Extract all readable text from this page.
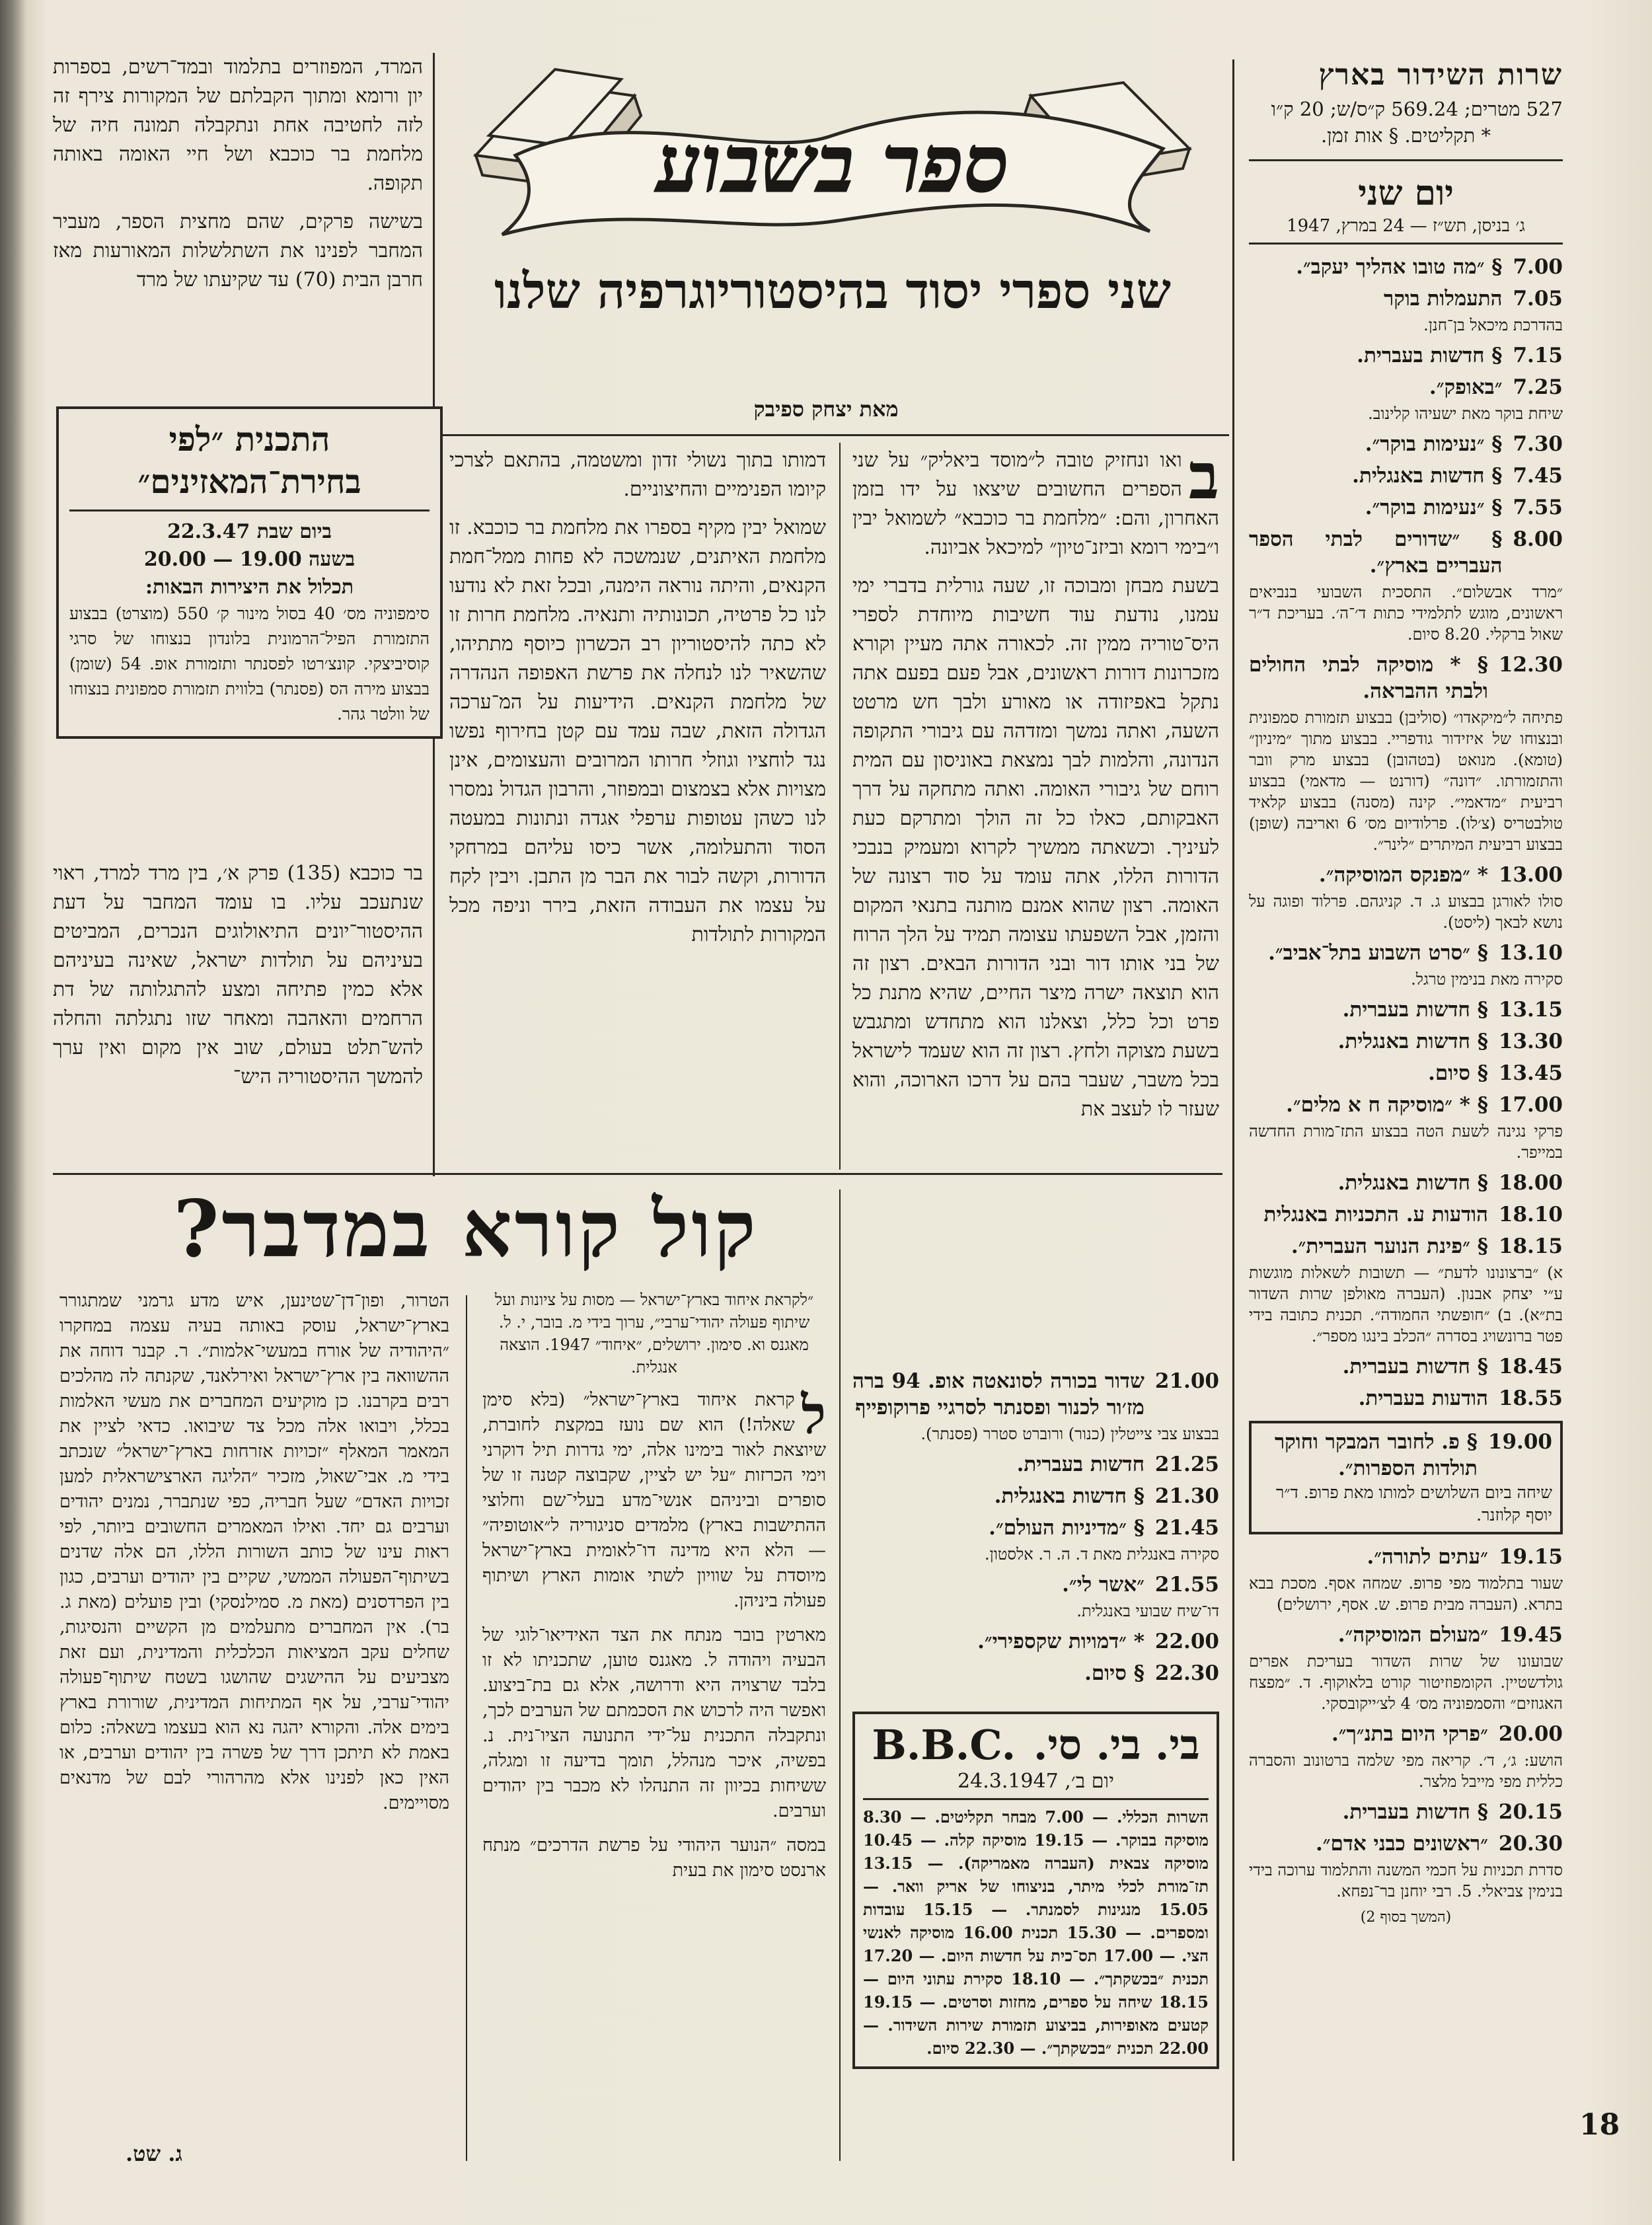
שרות השידור בארץ
527 מטרים; 569.24 ק״ס/ש; 20 ק״ו
* תקליטים. § אות זמן.
יום שני
ג׳ בניסן, תש״ז — 24 במרץ, 1947
7.00
§ ״מה טובו אהליך יעקב״.
7.05
התעמלות בוקר
בהדרכת מיכאל בן־חנן.
7.15
§ חדשות בעברית.
7.25
״באופק״.
שיחת בוקר מאת ישעיהו קלינוב.
7.30
§ ״נעימות בוקר״.
7.45
§ חדשות באנגלית.
7.55
§ ״נעימות בוקר״.
8.00
§ ״שדורים לבתי הספר העבריים בארץ״.
״מרד אבשלום״. התסכית השבועי בנביאים ראשונים, מוגש לתלמידי כתות ד׳־ה׳. בעריכת ד״ר שאול ברקלי. 8.20 סיום.
12.30
§ * מוסיקה לבתי החולים ולבתי ההבראה.
פתיחה ל״מיקאדו״ (סוליבן) בבצוע תזמורת סמפונית ובנצוחו של איזידור גודפריי. בבצוע מתוך ״מיניון״ (טומא). מנואט (בטהובן) בבצוע מרק וובר והתזמורתו. ״דונה״ (דורנט — מדאמי) בבצוע רביעית ״מדאמי״. קינה (מסנה) בבצוע קלאיד טולבטריס (צ׳לו). פרלודיום מס׳ 6 ואריבה (שופן) בבצוע רביעית המיתרים ״לינר״.
13.00
* ״מפנקס המוסיקה״.
סולו לאורגן בבצוע ג. ד. קניגהם. פרלוד ופוגה על נושא לבאך (ליסט).
13.10
§ ״סרט השבוע בתל־אביב״.
סקירה מאת בנימין טרגל.
13.15
§ חדשות בעברית.
13.30
§ חדשות באנגלית.
13.45
§ סיום.
17.00
§ * ״מוסיקה ח א מלים״.
פרקי נגינה לשעת הטה בבצוע התז־מורת החדשה במייפר.
18.00
§ חדשות באנגלית.
18.10
הודעות ע. התכניות באנגלית
18.15
§ ״פינת הנוער העברית״.
א) ״ברצונונו לדעת״ — תשובות לשאלות מוגשות ע״י יצחק אבנון. (העברה מאולפן שרות השדור בת״א). ב) ״חופשתי החמודה״. תכנית כתובה בידי פטר ברונשויג בסדרה ״הכלב בינגו מספר״.
18.45
§ חדשות בעברית.
18.55
הודעות בעברית.
19.00
§ פ. לחובר המבקר וחוקר תולדות הספרות״.
שיחה ביום השלושים למותו מאת פרופ. ד״ר יוסף קלוזנר.
19.15
״עתים לתורה״.
שעור בתלמוד מפי פרופ. שמחה אסף. מסכת בבא בתרא. (העברה מבית פרופ. ש. אסף, ירושלים)
19.45
״מעולם המוסיקה״.
שבועונו של שרות השדור בעריכת אפרים גולדשטיין. הקומפוזיטור קורט בלאוקוף. ד. ״מפצח האגוזים״ והסמפוניה מס׳ 4 לצ׳ייקובסקי.
20.00
״פרקי היום בתנ״ך״.
הושע: ג׳, ד׳. קריאה מפי שלמה ברטונוב והסברה כללית מפי מייבל מלצר.
20.15
§ חדשות בעברית.
20.30
״ראשונים כבני אדם״.
סדרת תכניות על חכמי המשנה והתלמוד ערוכה בידי בנימין צביאלי. 5. רבי יוחנן בר־נפחא.
(המשך בסוף 2)
ספר בשבוע
שני ספרי יסוד בהיסטוריוגרפיה שלנו
מאת יצחק ספיבק
ב

ואו ונחזיק טובה ל״מוסד ביאליק״ על שני הספרים החשובים שיצאו על ידו בזמן האחרון, והם: ״מלחמת בר כוכבא״ לשמואל יבין ו״בימי רומא וביזנ־טיון״ למיכאל אביונה.

בשעת מבחן ומבוכה זו, שעה גורלית בדברי ימי עמנו, נודעת עוד חשיבות מיוחדת לספרי היס־טוריה ממין זה. לכאורה אתה מעיין וקורא מזכרונות דורות ראשונים, אבל פעם בפעם אתה נתקל באפיזודה או מאורע ולבך חש מרטט השעה, ואתה נמשך ומזדהה עם גיבורי התקופה הנדונה, והלמות לבך נמצאת באוניסון עם המית רוחם של גיבורי האומה. ואתה מתחקה על דרך האבקותם, כאלו כל זה הולך ומתרקם כעת לעיניך. וכשאתה ממשיך לקרוא ומעמיק בנבכי הדורות הללו, אתה עומד על סוד רצונה של האומה. רצון שהוא אמנם מותנה בתנאי המקום והזמן, אבל השפעתו עצומה תמיד על הלך הרוח של בני אותו דור ובני הדורות הבאים. רצון זה הוא תוצאה ישרה מיצר החיים, שהיא מתנת כל פרט וכל כלל, וצאלנו הוא מתחדש ומתגבש בשעת מצוקה ולחץ. רצון זה הוא שעמד לישראל בכל משבר, שעבר בהם על דרכו הארוכה, והוא שעזר לו לעצב את

דמותו בתוך נשולי זדון ומשטמה, בהתאם לצרכי קיומו הפנימיים והחיצוניים.

שמואל יבין מקיף בספרו את מלחמת בר כוכבא. זו מלחמת האיתנים, שנמשכה לא פחות ממל־חמת הקנאים, והיתה נוראה הימנה, ובכל זאת לא נודעו לנו כל פרטיה, תכונותיה ותנאיה. מלחמת חרות זו לא כתה להיסטוריון רב הכשרון כיוסף מתתיהו, שהשאיר לנו לנחלה את פרשת האפופה הנהדרה של מלחמת הקנאים. הידיעות על המ־ערכה הגדולה הזאת, שבה עמד עם קטן בחירוף נפשו נגד לוחציו וגוזלי חרותו המרובים והעצומים, אינן מצויות אלא בצמצום ובמפוזר, והרבון הגדול נמסרו לנו כשהן עטופות ערפלי אגדה ונתונות במעטה הסוד והתעלומה, אשר כיסו עליהם במרחקי הדורות, וקשה לבור את הבר מן התבן. ויבין לקח על עצמו את העבודה הזאת, בירר וניפה מכל המקורות לתולדות

המרד, המפוזרים בתלמוד ובמד־רשים, בספרות יון ורומא ומתוך הקבלתם של המקורות צירף זה לזה לחטיבה אחת ונתקבלה תמונה חיה של מלחמת בר כוכבא ושל חיי האומה באותה תקופה.

בשישה פרקים, שהם מחצית הספר, מעביר המחבר לפנינו את השתלשלות המאורעות מאז חרבן הבית (70) עד שקיעתו של מרד

התכנית ״לפי בחירת־המאזינים״
ביום שבת 22.3.47
בשעה 19.00 — 20.00
תכלול את היצירות הבאות:
סימפוניה מס׳ 40 בסול מינור ק׳ 550 (מוצרט) בבצוע התזמורת הפיל־הרמונית בלונדון בנצוחו של סרגי קוסיביצקי. קונצ׳רטו לפסנתר ותזמורת אופ. 54 (שומן) בבצוע מירה הס (פסנתר) בלווית תזמורת סמפונית בנצוחו של וולטר גהר.

בר כוכבא (135) פרק א׳, בין מרד למרד, ראוי שנתעכב עליו. בו עומד המחבר על דעת ההיסטור־יונים התיאולוגים הנכרים, המביטים בעיניהם על תולדות ישראל, שאינה בעיניהם אלא כמין פתיחה ומצע להתגלותה של דת הרחמים והאהבה ומאחר שזו נתגלתה והחלה להש־תלט בעולם, שוב אין מקום ואין ערך להמשך ההיסטוריה היש־

קול קורא במדבר?

״לקראת איחוד בארץ־ישראל — מסות על ציונות ועל שיתוף פעולה יהודי־ערבי״, ערוך בידי מ. בובר, י. ל. מאגנס וא. סימון. ירושלים, ״איחוד״ 1947. הוצאה אנגלית.

ל

קראת איחוד בארץ־ישראל״ (בלא סימן שאלה!) הוא שם נועז במקצת לחוברת, שיוצאת לאור בימינו אלה, ימי גדרות תיל דוקרני וימי הכרזות ״על יש לציין, שקבוצה קטנה זו של סופרים וביניהם אנשי־מדע בעלי־שם וחלוצי ההתישבות בארץ) מלמדים סניגוריה ל״אוטופיה״ — הלא היא מדינה דו־לאומית בארץ־ישראל מיוסדת על שוויון לשתי אומות הארץ ושיתוף פעולה ביניהן.

מארטין בובר מנתח את הצד האידיאו־לוגי של הבעיה ויהודה ל. מאגנס טוען, שתכניתו לא זו בלבד שרצויה היא ודרושה, אלא גם בת־ביצוע. ואפשר היה לרכוש את הסכמתם של הערבים לכך, ונתקבלה התכנית על־ידי התנועה הציו־נית. נ. בפשיה, איכר מנהלל, תומך בדיעה זו ומגלה, ששיחות בכיוון זה התנהלו לא מכבר בין יהודים וערבים.

במסה ״הנוער היהודי על פרשת הדרכים״ מנתח ארנסט סימון את בעית

הטרור, ופון־דן־שטינען, איש מדע גרמני שמתגורר בארץ־ישראל, עוסק באותה בעיה עצמה במחקרו ״היהודיה של אורח במעשי־אלמות״. ר. קבנר דוחה את ההשוואה בין ארץ־ישראל ואירלאנד, שקנתה לה מהלכים רבים בקרבנו. כן מוקיעים המחברים את מעשי האלמות בכלל, ויבואו אלה מכל צד שיבואו. כדאי לציין את המאמר המאלף ״זכויות אזרחות בארץ־ישראל״ שנכתב בידי מ. אבי־שאול, מזכיר ״הליגה הארצישראלית למען זכויות האדם״ שעל חבריה, כפי שנתברר, נמנים יהודים וערבים גם יחד. ואילו המאמרים החשובים ביותר, לפי ראות עינו של כותב השורות הללו, הם אלה שדנים בשיתוף־הפעולה הממשי, שקיים בין יהודים וערבים, כגון בין הפרדסנים (מאת מ. סמילנסקי) ובין פועלים (מאת ג. בר). אין המחברים מתעלמים מן הקשיים והנסיגות, שחלים עקב המציאות הכלכלית והמדינית, ועם זאת מצביעים על ההישגים שהושגו בשטח שיתוף־פעולה יהודי־ערבי, על אף המתיחות המדינית, שורורת בארץ בימים אלה. והקורא יהגה נא הוא בעצמו בשאלה: כלום באמת לא תיתכן דרך של פשרה בין יהודים וערבים, או האין כאן לפנינו אלא מהרהורי לבם של מדנאים מסויימים.

ג. שט.
21.00
שדור בכורה לסונאטה אופ. 94 ברה מז׳ור לכנור ופסנתר לסרגיי פרוקופייף
בבצוע צבי צייטלין (כנור) ורוברט סטרר (פסנתר).
21.25
חדשות בעברית.
21.30
§ חדשות באנגלית.
21.45
§ ״מדיניות העולם״.
סקירה באנגלית מאת ד. ה. ר. אלסטון.
21.55
״אשר לי״.
דו־שיח שבועי באנגלית.
22.00
* ״דמויות שקספירי״.
22.30
§ סיום.
B.B.C. בי. בי. סי.
יום ב׳, 24.3.1947
השרות הכללי. — 7.00 מבחר תקליטים. — 8.30 מוסיקה בבוקר. — 19.15 מוסיקה קלה. — 10.45 מוסיקה צבאית (העברה מאמריקה). — 13.15 תז־מורת לכלי מיתר, בניצוחו של אריק וואר. — 15.05 מנגינות לסמנתר. — 15.15 עובדות ומספרים. — 15.30 תכנית 16.00 מוסיקה לאנשי הצי. — 17.00 תס־כית על חדשות היום. — 17.20 תכנית ״בכשקתך״. — 18.10 סקירת עתוני היום — 18.15 שיחה על ספרים, מחזות וסרטים. — 19.15 קטעים מאופירות, בביצוע תזמורת שירות השידור. — 22.00 תכנית ״בכשקתך״. — 22.30 סיום.
18
